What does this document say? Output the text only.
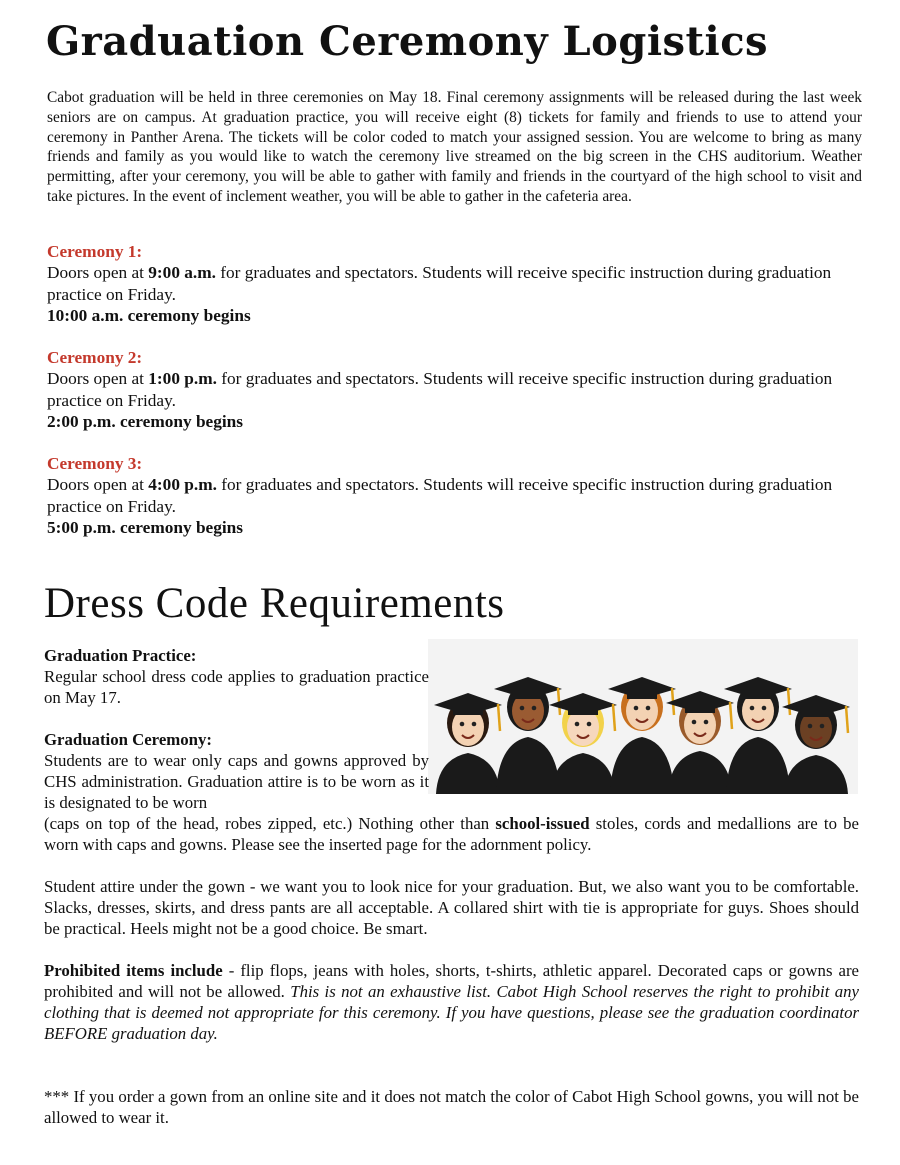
Graduation Ceremony Logistics

Cabot graduation will be held in three ceremonies on May 18. Final ceremony assignments will be released during the last week seniors are on campus. At graduation practice, you will receive eight (8) tickets for family and friends to use to attend your ceremony in Panther Arena. The tickets will be color coded to match your assigned session. You are welcome to bring as many friends and family as you would like to watch the ceremony live streamed on the big screen in the CHS auditorium. Weather permitting, after your ceremony, you will be able to gather with family and friends in the courtyard of the high school to visit and take pictures. In the event of inclement weather, you will be able to gather in the cafeteria area.

Ceremony 1:
Doors open at 9:00 a.m. for graduates and spectators. Students will receive specific instruction during graduation practice on Friday.
10:00 a.m. ceremony begins
Ceremony 2:
Doors open at 1:00 p.m. for graduates and spectators. Students will receive specific instruction during graduation practice on Friday.
2:00 p.m. ceremony begins
Ceremony 3:
Doors open at 4:00 p.m. for graduates and spectators. Students will receive specific instruction during graduation practice on Friday.
5:00 p.m. ceremony begins
Dress Code Requirements
Graduation Practice:

Regular school dress code applies to graduation practice on May 17.

Graduation Ceremony:

Students are to wear only caps and gowns approved by CHS administration. Graduation attire is to be worn as it is designated to be worn

(caps on top of the head, robes zipped, etc.) Nothing other than school-issued stoles, cords and medallions are to be worn with caps and gowns. Please see the inserted page for the adornment policy.

Student attire under the gown - we want you to look nice for your graduation. But, we also want you to be comfortable. Slacks, dresses, skirts, and dress pants are all acceptable. A collared shirt with tie is appropriate for guys. Shoes should be practical. Heels might not be a good choice. Be smart.

Prohibited items include - flip flops, jeans with holes, shorts, t-shirts, athletic apparel. Decorated caps or gowns are prohibited and will not be allowed. This is not an exhaustive list. Cabot High School reserves the right to prohibit any clothing that is deemed not appropriate for this ceremony. If you have questions, please see the graduation coordinator BEFORE graduation day.

*** If you order a gown from an online site and it does not match the color of Cabot High School gowns, you will not be allowed to wear it.
